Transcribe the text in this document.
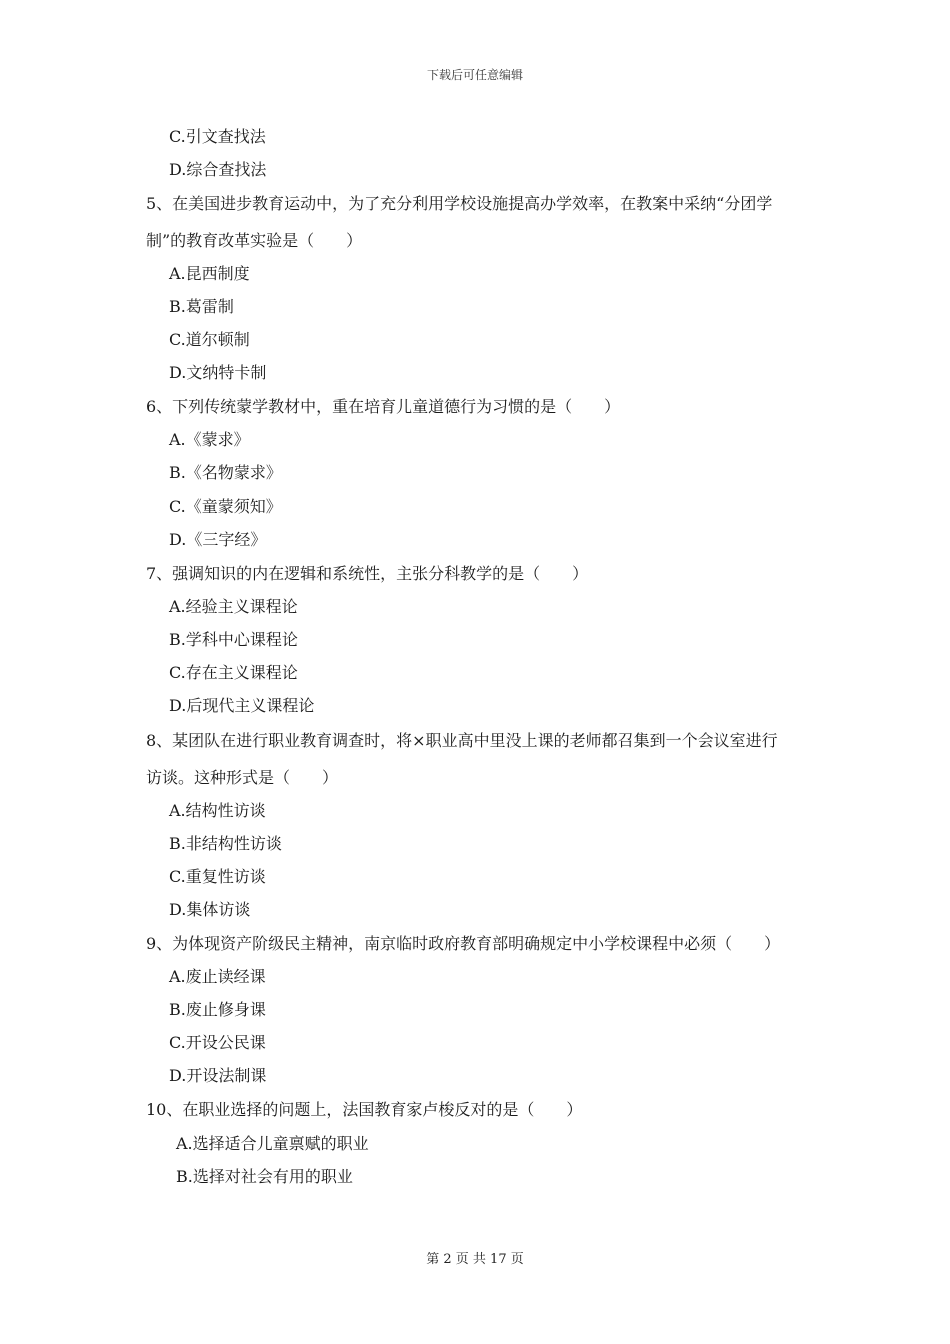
下载后可任意编辑
第 2 页 共 17 页
C.引文查找法
D.综合查找法
5、在美国进步教育运动中，为了充分利用学校设施提高办学效率，在教案中采纳“分团学
制”的教育改革实验是（　　）
A.昆西制度
B.葛雷制
C.道尔顿制
D.文纳特卡制
6、下列传统蒙学教材中，重在培育儿童道德行为习惯的是（　　）
A.《蒙求》
B.《名物蒙求》
C.《童蒙须知》
D.《三字经》
7、强调知识的内在逻辑和系统性，主张分科教学的是（　　）
A.经验主义课程论
B.学科中心课程论
C.存在主义课程论
D.后现代主义课程论
8、某团队在进行职业教育调查时，将×职业高中里没上课的老师都召集到一个会议室进行
访谈。这种形式是（　　）
A.结构性访谈
B.非结构性访谈
C.重复性访谈
D.集体访谈
9、为体现资产阶级民主精神，南京临时政府教育部明确规定中小学校课程中必须（　　）
A.废止读经课
B.废止修身课
C.开设公民课
D.开设法制课
10、在职业选择的问题上，法国教育家卢梭反对的是（　　）
A.选择适合儿童禀赋的职业
B.选择对社会有用的职业
